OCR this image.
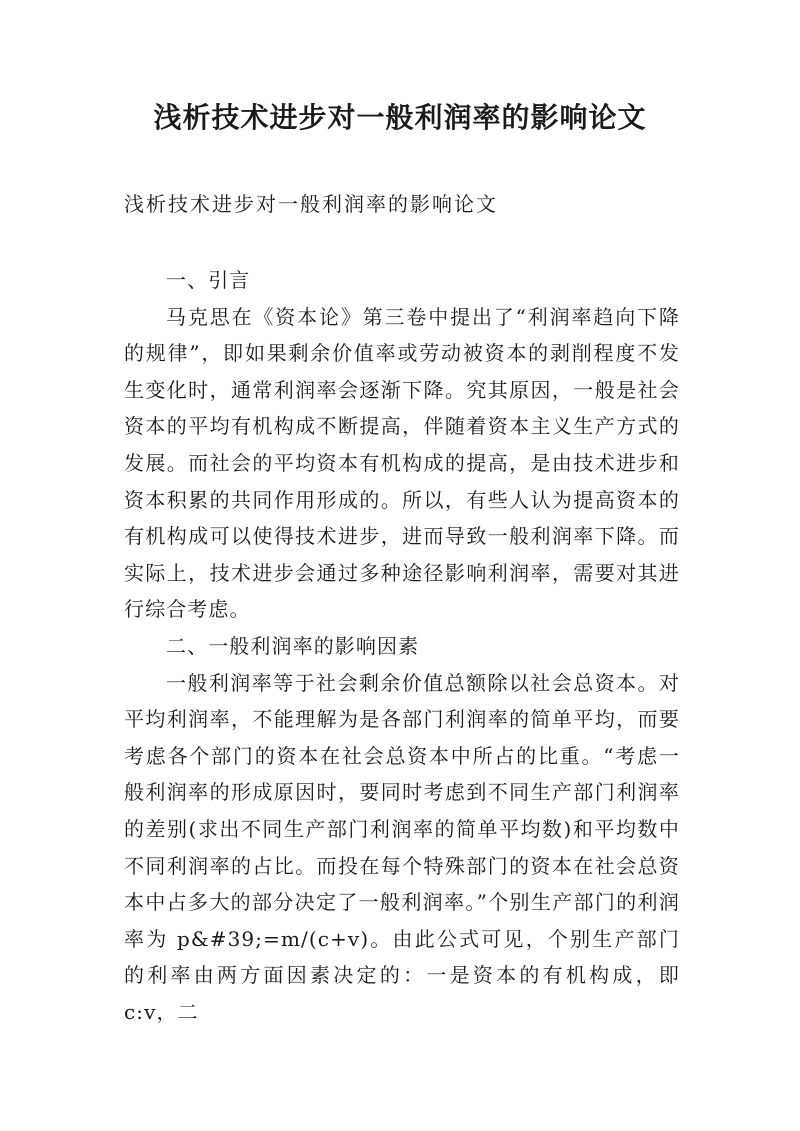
浅析技术进步对一般利润率的影响论文

浅析技术进步对一般利润率的影响论文

一、引言

马克思在《资本论》第三卷中提出了“利润率趋向下降的规律”，即如果剩余价值率或劳动被资本的剥削程度不发生变化时，通常利润率会逐渐下降。究其原因，一般是社会资本的平均有机构成不断提高，伴随着资本主义生产方式的发展。而社会的平均资本有机构成的提高，是由技术进步和资本积累的共同作用形成的。所以，有些人认为提高资本的有机构成可以使得技术进步，进而导致一般利润率下降。而实际上，技术进步会通过多种途径影响利润率，需要对其进行综合考虑。

二、一般利润率的影响因素

一般利润率等于社会剩余价值总额除以社会总资本。对平均利润率，不能理解为是各部门利润率的简单平均，而要考虑各个部门的资本在社会总资本中所占的比重。“考虑一般利润率的形成原因时，要同时考虑到不同生产部门利润率的差别(求出不同生产部门利润率的简单平均数)和平均数中不同利润率的占比。而投在每个特殊部门的资本在社会总资本中占多大的部分决定了一般利润率。”个别生产部门的利润率为 p&#39;=m/(c+v)。由此公式可见，个别生产部门的利率由两方面因素决定的：一是资本的有机构成，即 c:v，二
